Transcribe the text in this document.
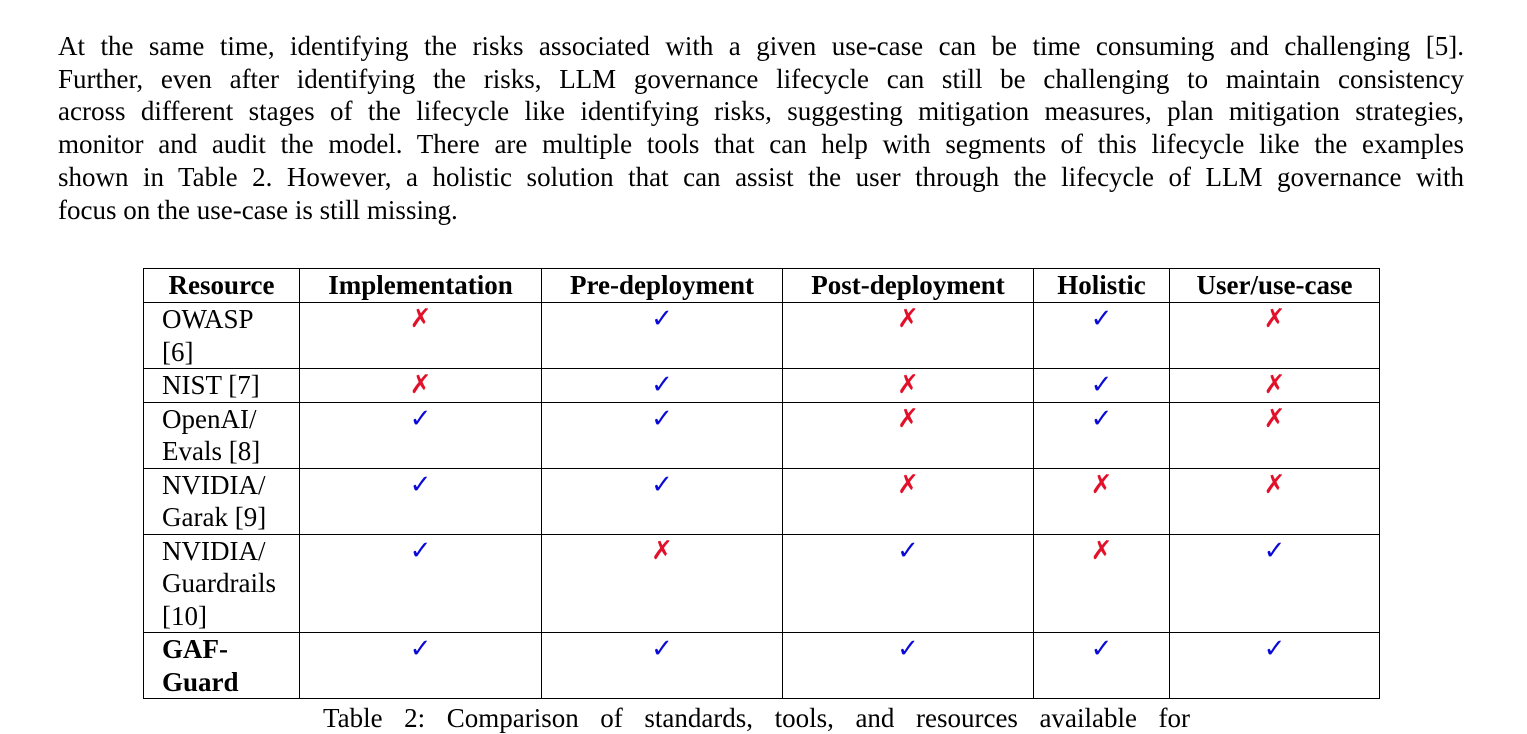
At the same time, identifying the risks associated with a given use-case can be time consuming and challenging [5].
Further, even after identifying the risks, LLM governance lifecycle can still be challenging to maintain consistency
across different stages of the lifecycle like identifying risks, suggesting mitigation measures, plan mitigation strategies,
monitor and audit the model. There are multiple tools that can help with segments of this lifecycle like the examples
shown in Table 2. However, a holistic solution that can assist the user through the lifecycle of LLM governance with
focus on the use-case is still missing.
Resource	Implementation	Pre-deployment	Post-deployment	Holistic	User/use-case

OWASP
[6]	✗	✓	✗	✓	✗

NIST [7]	✗	✓	✗	✓	✗

OpenAI/
Evals [8]	✓	✓	✗	✓	✗

NVIDIA/
Garak [9]	✓	✓	✗	✗	✗

NVIDIA/
Guardrails
[10]	✓	✗	✓	✗	✓

GAF-
Guard	✓	✓	✓	✓	✓

Table 2: Comparison of standards, tools, and resources available for
